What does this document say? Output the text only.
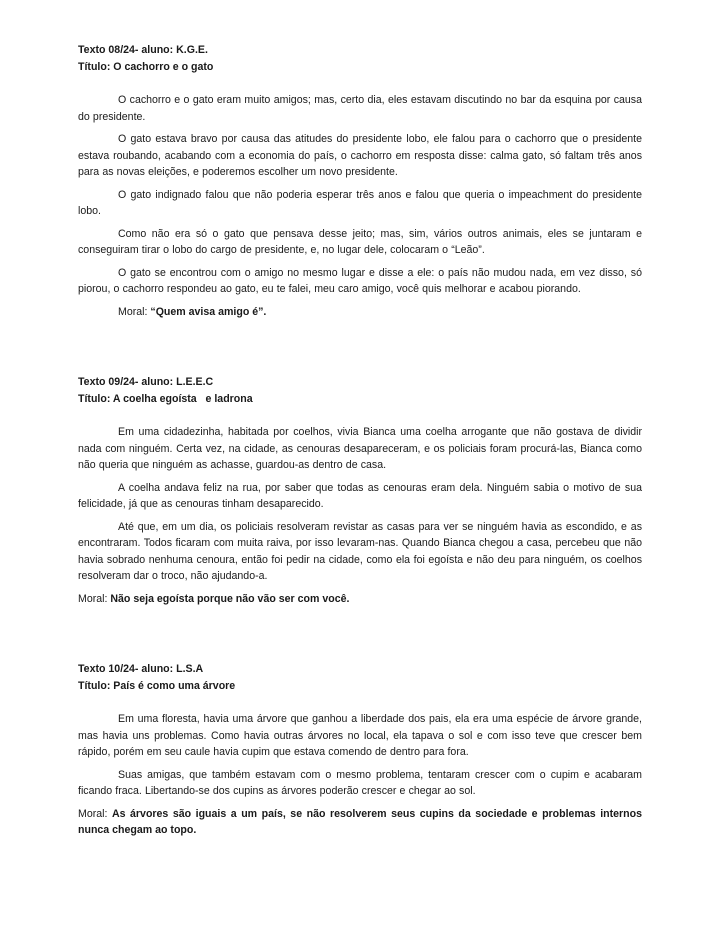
Texto 08/24- aluno: K.G.E.

Título: O cachorro e o gato

O cachorro e o gato eram muito amigos; mas, certo dia, eles estavam discutindo no bar da esquina por causa do presidente.

O gato estava bravo por causa das atitudes do presidente lobo, ele falou para o cachorro que o presidente estava roubando, acabando com a economia do país, o cachorro em resposta disse: calma gato, só faltam três anos para as novas eleições, e poderemos escolher um novo presidente.

O gato indignado falou que não poderia esperar três anos e falou que queria o impeachment do presidente lobo.

Como não era só o gato que pensava desse jeito; mas, sim, vários outros animais, eles se juntaram e conseguiram tirar o lobo do cargo de presidente, e, no lugar dele, colocaram o “Leão”.

O gato se encontrou com o amigo no mesmo lugar e disse a ele: o país não mudou nada, em vez disso, só piorou, o cachorro respondeu ao gato, eu te falei, meu caro amigo, você quis melhorar e acabou piorando.

Moral: “Quem avisa amigo é”.

Texto 09/24- aluno: L.E.E.C

Título: A coelha egoísta   e ladrona

Em uma cidadezinha, habitada por coelhos, vivia Bianca uma coelha arrogante que não gostava de dividir nada com ninguém. Certa vez, na cidade, as cenouras desapareceram, e os policiais foram procurá-las, Bianca como não queria que ninguém as achasse, guardou-as dentro de casa.

A coelha andava feliz na rua, por saber que todas as cenouras eram dela. Ninguém sabia o motivo de sua felicidade, já que as cenouras tinham desaparecido.

Até que, em um dia, os policiais resolveram revistar as casas para ver se ninguém havia as escondido, e as encontraram. Todos ficaram com muita raiva, por isso levaram-nas. Quando Bianca chegou a casa, percebeu que não havia sobrado nenhuma cenoura, então foi pedir na cidade, como ela foi egoísta e não deu para ninguém, os coelhos resolveram dar o troco, não ajudando-a.

Moral: Não seja egoísta porque não vão ser com você.

Texto 10/24- aluno: L.S.A

Título: País é como uma árvore

Em uma floresta, havia uma árvore que ganhou a liberdade dos pais, ela era uma espécie de árvore grande, mas havia uns problemas. Como havia outras árvores no local, ela tapava o sol e com isso teve que crescer bem rápido, porém em seu caule havia cupim que estava comendo de dentro para fora.

Suas amigas, que também estavam com o mesmo problema, tentaram crescer com o cupim e acabaram ficando fraca. Libertando-se dos cupins as árvores poderão crescer e chegar ao sol.

Moral: As árvores são iguais a um país, se não resolverem seus cupins da sociedade e problemas internos nunca chegam ao topo.
